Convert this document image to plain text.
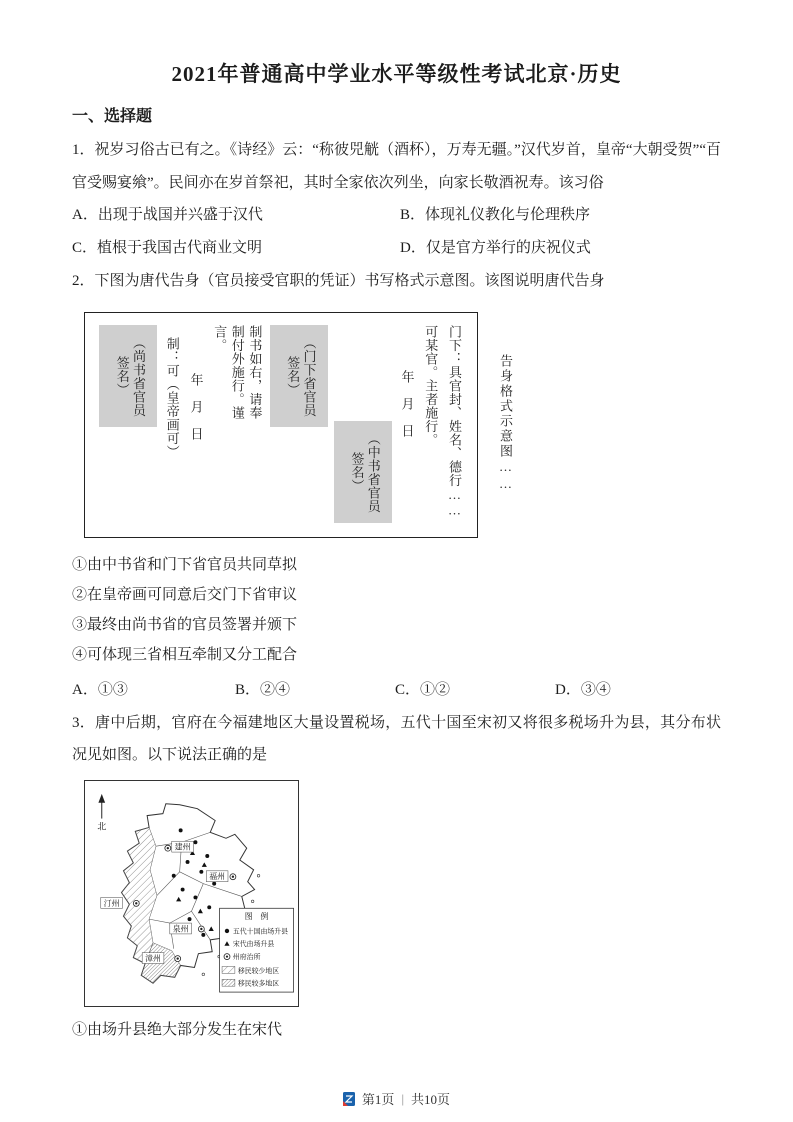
2021年普通高中学业水平等级性考试北京·历史
一、选择题

1．祝岁习俗古已有之。《诗经》云：“称彼兕觥（酒杯），万寿无疆。”汉代岁首，皇帝“大朝受贺”“百官受赐宴飨”。民间亦在岁首祭祀，其时全家依次列坐，向家长敬酒祝寿。该习俗

A．出现于战国并兴盛于汉代	B．体现礼仪教化与伦理秩序
C．植根于我国古代商业文明	D．仅是官方举行的庆祝仪式

2．下图为唐代告身（官员接受官职的凭证）书写格式示意图。该图说明唐代告身

门下：具官封、姓名、德行……
可某官。主者施行。
年　月　日
（中书省官员签名）
（门下省官员签名）
制书如右，请奉制付外施行。谨言。
年　月　日
制：可（皇帝画可）
（尚书省官员签名）	告身格式示意图……
①由中书省和门下省官员共同草拟
②在皇帝画可同意后交门下省审议
③最终由尚书省的官员签署并颁下
④可体现三省相互牵制又分工配合
A．①③	B．②④	C．①②	D．③④

3．唐中后期，官府在今福建地区大量设置税场，五代十国至宋初又将很多税场升为县，其分布状况见如图。以下说法正确的是

建州
福州
汀州
泉州
漳州
北
图　例
五代十国由场升县
宋代由场升县
州府治所
移民较少地区
移民较多地区
①由场升县绝大部分发生在宋代
第1页 | 共10页
